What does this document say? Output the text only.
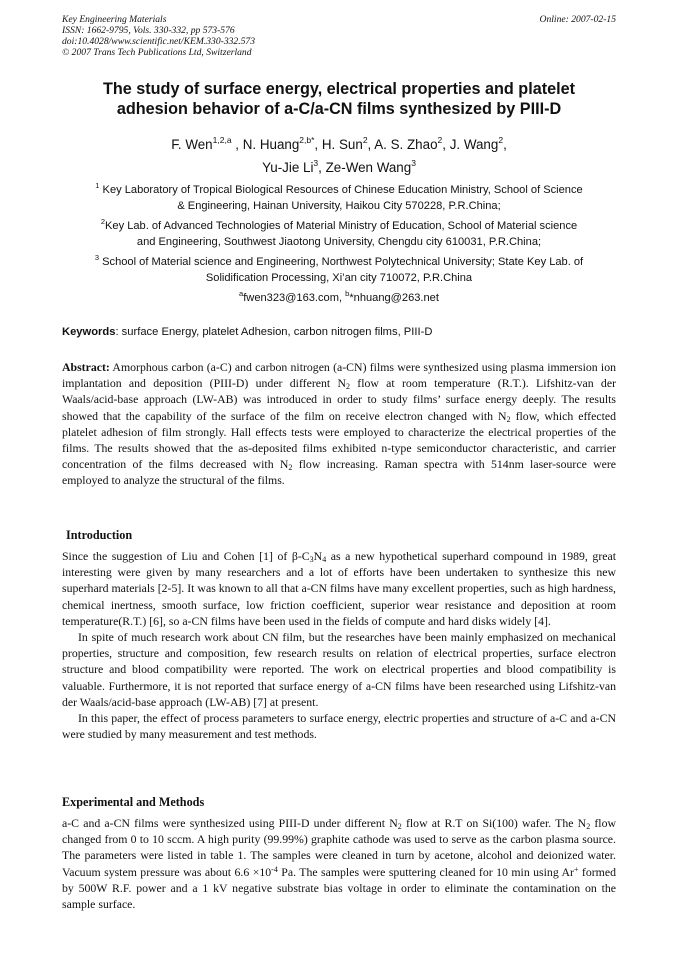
Key Engineering Materials
ISSN: 1662-9795, Vols. 330-332, pp 573-576
doi:10.4028/www.scientific.net/KEM.330-332.573
© 2007 Trans Tech Publications Ltd, Switzerland
Online: 2007-02-15
The study of surface energy, electrical properties and platelet
adhesion behavior of a-C/a-CN films synthesized by PIII-D
F. Wen$^{1,2,a}$ , N. Huang$^{2,b*}$, H. Sun$^2$, A. S. Zhao$^2$, J. Wang$^2$,
Yu-Jie Li$^3$, Ze-Wen Wang$^3$
$^1$ Key Laboratory of Tropical Biological Resources of Chinese Education Ministry, School of Science
& Engineering, Hainan University, Haikou City 570228, P.R.China;
$^2$Key Lab. of Advanced Technologies of Material Ministry of Education, School of Material science
and Engineering, Southwest Jiaotong University, Chengdu city 610031, P.R.China;
$^3$ School of Material science and Engineering, Northwest Polytechnical University; State Key Lab. of
Solidification Processing, Xi’an city 710072, P.R.China
$^a$fwen323@163.com, $^b$*nhuang@263.net
Keywords: surface Energy, platelet Adhesion, carbon nitrogen films, PIII-D

Abstract: Amorphous carbon (a-C) and carbon nitrogen (a-CN) films were synthesized using plasma immersion ion implantation and deposition (PIII-D) under different $N_2$ flow at room temperature (R.T.). Lifshitz-van der Waals/acid-base approach (LW-AB) was introduced in order to study films’ surface energy deeply. The results showed that the capability of the surface of the film on receive electron changed with $N_2$ flow, which effected platelet adhesion of film strongly. Hall effects tests were employed to characterize the electrical properties of the films. The results showed that the as-deposited films exhibited n-type semiconductor characteristic, and carrier concentration of the films decreased with $N_2$ flow increasing. Raman spectra with 514nm laser-source were employed to analyze the structural of the films.

Introduction

Since the suggestion of Liu and Cohen [1] of $\beta-C_3N_4$ as a new hypothetical superhard compound in 1989, great interesting were given by many researchers and a lot of efforts have been undertaken to synthesize this new superhard materials [2-5]. It was known to all that a-CN films have many excellent properties, such as high hardness, chemical inertness, smooth surface, low friction coefficient, superior wear resistance and deposition at room temperature(R.T.) [6], so a-CN films have been used in the fields of compute and hard disks widely [4].

In spite of much research work about CN film, but the researches have been mainly emphasized on mechanical properties, structure and composition, few research results on relation of electrical properties, surface electron structure and blood compatibility were reported. The work on electrical properties and blood compatibility is valuable. Furthermore, it is not reported that surface energy of a-CN films have been researched using Lifshitz-van der Waals/acid-base approach (LW-AB) [7] at present.

In this paper, the effect of process parameters to surface energy, electric properties and structure of a-C and a-CN were studied by many measurement and test methods.

Experimental and Methods

a-C and a-CN films were synthesized using PIII-D under different $N_2$ flow at R.T on Si(100) wafer. The $N_2$ flow changed from 0 to 10 sccm. A high purity (99.99%) graphite cathode was used to serve as the carbon plasma source. The parameters were listed in table 1. The samples were cleaned in turn by acetone, alcohol and deionized water. Vacuum system pressure was about $6.6 \times 10^{-4}$ Pa. The samples were sputtering cleaned for 10 min using Ar+ formed by 500W R.F. power and a 1 kV negative substrate bias voltage in order to eliminate the contamination on the sample surface.
